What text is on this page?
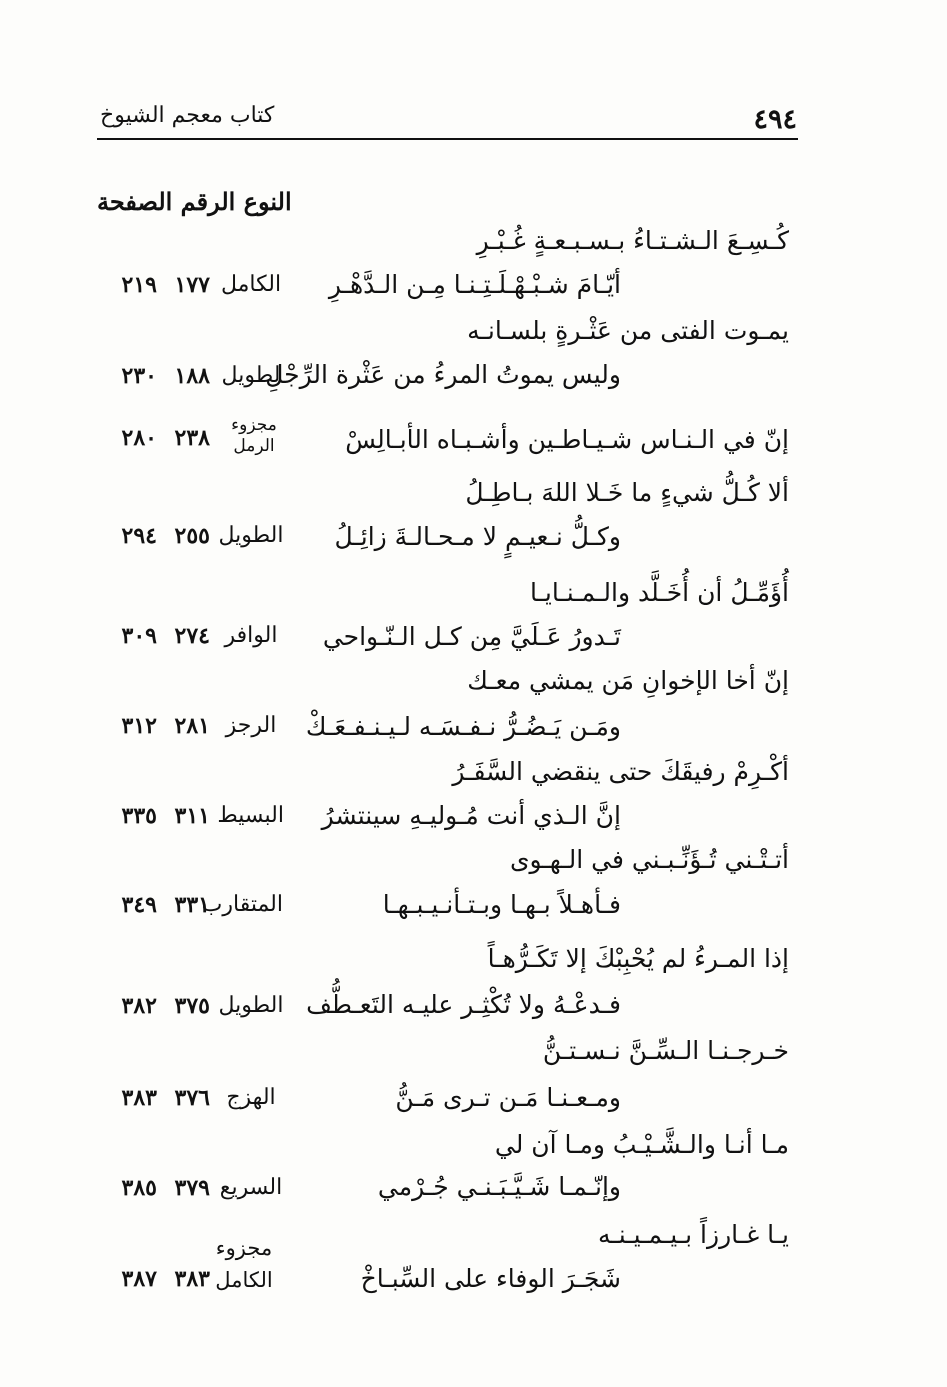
٤٩٤
كتاب معجم الشيوخ
النوع الرقم الصفحة
كُـسِـعَ الـشـتـاءُ بـسـبـعـةٍ غُـبْـرِ
أيّـامَ شـبْـهْـلَـتِـنـا مِـن الـدَّهْـرِ
الكامل
١٧٧
٢١٩
يمـوت الفتى من عَثْـرةٍ بلسـانـه
وليس يموتُ المرءُ من عَثْرة الرِّجْلِ
لطويل
١٨٨
٢٣٠
إنّ في الـنـاس شـيـاطـين وأشـبـاه الأبـالِسْ
مجزوء الرمل
٢٣٨
٢٨٠
ألا كُـلُّ شيءٍ ما خَـلا اللهَ بـاطِـلُ
وكـلُّ نـعيـمٍ لا مـحـالـةَ زائِـلُ
الطويل
٢٥٥
٢٩٤
أُؤَمِّـلُ أن أُخَـلَّد والـمـنـايـا
تَـدورُ عَـلَيَّ مِن كـل الـنّـواحي
الوافر
٢٧٤
٣٠٩
إنّ أخا الإخوانِ مَن يمشي معـك
ومَـن يَـضُـرُّ نـفـسَـه لـيـنـفـعَـكْ
الرجز
٢٨١
٣١٢
أكْـرِمْ رفيقَكَ حتى ينقضي السَّفَـرُ
إنَّ الـذي أنت مُـوليـهِ سينتشرُ
البسيط
٣١١
٣٣٥
أتـتْـني تُـؤَنِّـبـني في الـهـوى
فـأهـلاً بـهـا وبـتـأنـيـبـهـا
المتقارب
٣٣١
٣٤٩
إذا المـرءُ لم يُحْبِبْكَ إلا تَكَـرُّهـاً
فـدعْـهُ ولا تُكْثِـر عليـه التَعـطُّف
الطويل
٣٧٥
٣٨٢
خـرجـنـا الـسِّـنَّ نـسـتـنُّ
ومـعـنـا مَـن تـرى مَـنُّ
الهزج
٣٧٦
٣٨٣
مـا أنـا والـشَّـيْـبُ ومـا آن لي
وإنّـمـا شَـيَّـبَـنـي جُـرْمي
السريع
٣٧٩
٣٨٥
يـا غـارزاً بـيـمـيـنـه
شَجَـرَ الوفاء على السِّبـاخْ
مجزوء الكامل
٣٨٣
٣٨٧
